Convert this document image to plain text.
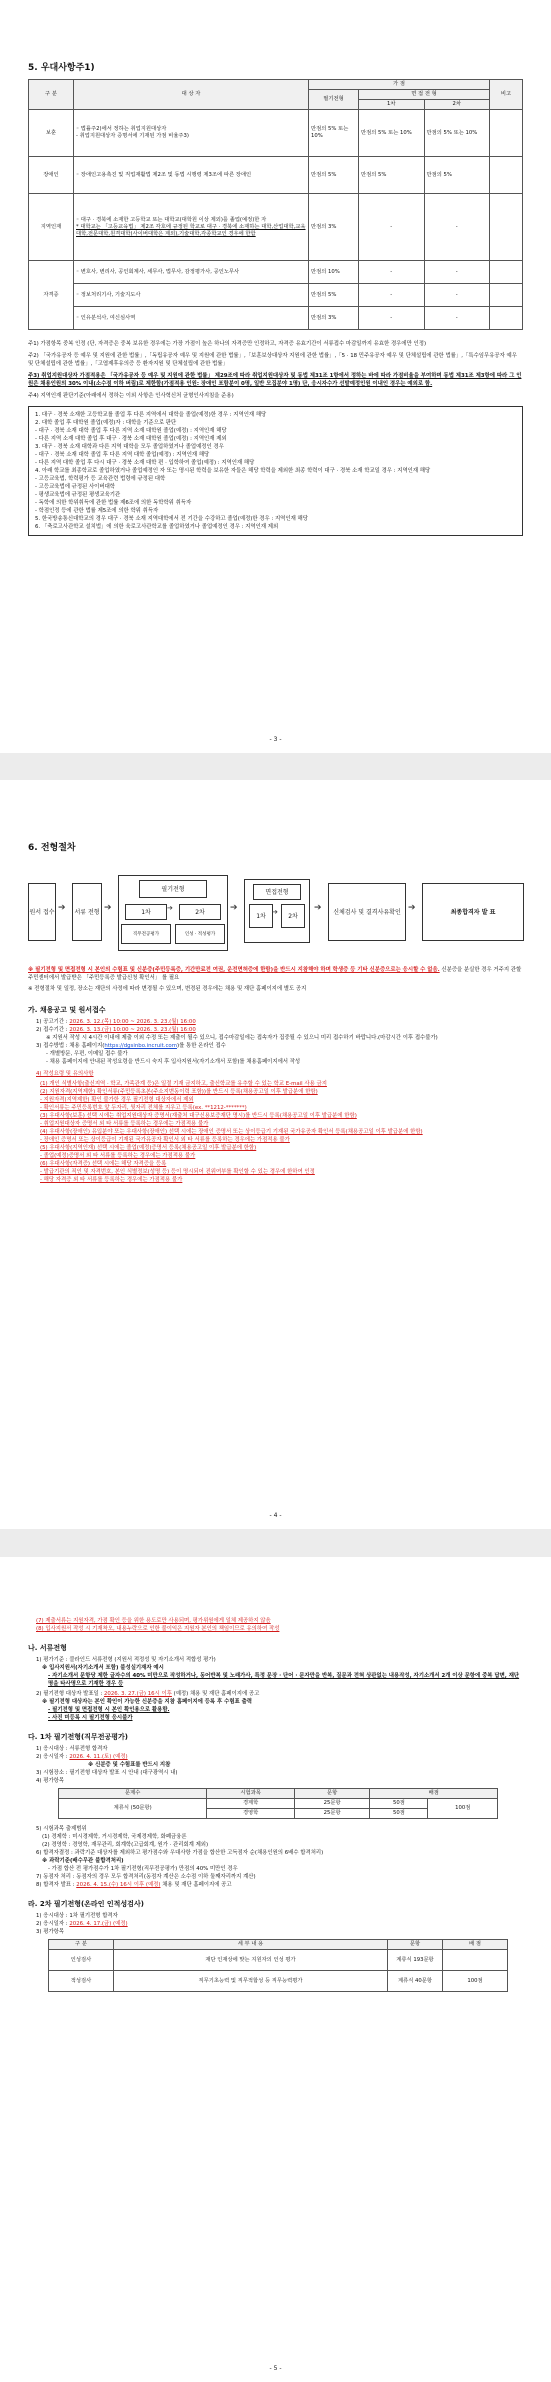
5. 우대사항주1)

구 분	대 상 자	가 점			비고
		필기전형	면 접 전 형		
			1차	2차	
보훈	◦ 법률주2)에서 정하는 취업지원대상자
- 취업지원대상자 증명서에 기재된 가점 비율주3)	만점의 5% 또는 10%	만점의 5% 또는 10%	만점의 5% 또는 10%	
장애인	◦ 장애인고용촉진 및 직업재활법 제2조 및 동법 시행령 제3조에 따른 장애인	만점의 5%	만점의 5%	만점의 5%	
지역인재	◦ 대구 · 경북에 소재한 고등학교 또는 대학교(대학원 이상 제외)를 졸업(예정)한 자
* 대학교는 「고등교육법」 제2조 각호에 규정된 학교로 대구 · 경북에 소재하는 대학,산업대학,교육대학,전문대학,원격대학(사이버대학은 제외),기술대학,각종학교인 경우에 한함	만점의 3%	-	-	
자격증	◦ 변호사, 변리사, 공인회계사, 세무사, 법무사, 감정평가사, 공인노무사	만점의 10%	-	-	
	◦ 정보처리기사, 기술지도사	만점의 5%	-	-	
	◦ 인유분석사, 여신심사역	만점의 3%	-	-	

주1) 가점항목 중복 인정 (단, 자격증은 중복 보유한 경우에는 가장 가점이 높은 하나의 자격증만 인정하고, 자격증 유효기간이 서류접수 마감일까지 유효한 경우에만 인정)

주2) 「국가유공자 등 예우 및 지원에 관한 법률」,「독립유공자 예우 및 지원에 관한 법률」,「보훈보상대상자 지원에 관한 법률」,「5 · 18 민주유공자 예우 및 단체설립에 관한 법률」,「특수임무유공자 예우 및 단체설립에 관한 법률」,「고엽제후유의증 등 환자지원 및 단체설립에 관한 법률」

주3) 취업지원대상자 가점적용은 「국가유공자 등 예우 및 지원에 관한 법률」 제29조에 따라 취업지원대상자 및 동법 제31조 1항에서 정하는 바에 따라 가점비율을 부여하며 동법 제31조 제3항에 따라 그 인원은 채용인원의 30% 이내(소수점 이하 버림)로 제한함(가점적용 인원: 장애인 포함분이 0명, 일반 모집분야 1명) 단, 응시자수가 선발예정인원 이내인 경우는 예외로 함.

주4) 지역인재 판단기준(아래에서 정하는 이외 사항은 인사혁신처 균형인사지침을 준용)

1. 대구 · 경북 소재한 고등학교를 졸업 후 다른 지역에서 대학을 졸업(예정)한 경우 : 지역인재 해당

2. 대학 졸업 후 대학원 졸업(예정)자 : 대학을 기준으로 판단

- 대구 · 경북 소재 대학 졸업 후 다른 지역 소재 대학원 졸업(예정) : 지역인재 해당

- 다른 지역 소재 대학 졸업 후 대구 · 경북 소재 대학원 졸업(예정) : 지역인재 제외

3. 대구 · 경북 소재 대학과 다른 지역 대학을 모두 졸업하였거나 졸업예정인 경우

- 대구 · 경북 소재 대학 졸업 후 다른 지역 대학 졸업(예정) : 지역인재 해당

- 다른 지역 대학 졸업 후 다시 대구 · 경북 소재 대학 편 · 입학하여 졸업(예정) : 지역인재 해당

4. 아래 학교를 최종학교로 졸업하였거나 졸업예정인 자 또는 명시된 학력을 보유한 자들은 해당 학력을 제외한 최종 학력이 대구 · 경북 소재 학교일 경우 : 지역인재 해당

- 고등교육법, 학력평가 등 교육관련 법령에 규정된 대학

- 고등교육법에 규정된 사이버대학

- 평생교육법에 규정된 평생교육기관

- 독학에 의한 학위취득에 관한 법률 제6조에 의한 독학학위 취득자

- 학점인정 등에 관한 법률 제5조에 의한 학위 취득자

5. 한국방송통신대학교의 경우 대구 · 경북 소재 지역대학에서 전 기간을 수강하고 졸업(예정)한 경우 : 지역인재 해당

6. 「축로고사관학교 설치법」에 의한 육로고사관학교를 졸업하였거나 졸업예정인 경우 : 지역인재 제외

- 3 -

6. 전형절차

원서 접수 ➔	서류 전형 ➔
필기전형
1차	➔	2차
직무전공평가	인성 · 적성평가
➔
면접전형
1차 ➔	2차
➔	신체검사 및 결격사유확인 ➔	최종합격자 발 표

※ 필기전형 및 면접전형 시 본인의 수험표 및 신분증(주민등록증, 기간만료전 여권, 운전면허증에 한함)을 반드시 지참해야 하며 학생증 등 기타 신분증으로는 응시할 수 없음. 신분증을 분실한 경우 거주지 관할 주민센터에서 발급받은 「주민등록증 발급신청 확인서」 를 필요

※ 전형절차 및 일정, 장소는 재단의 사정에 따라 변경될 수 있으며, 변경된 경우에는 채용 및 재단 홈페이지에 별도 공지

가. 채용공고 및 원서접수

1) 공고기간 : 2026. 3. 12.(목) 10:00 ~ 2026. 3. 23.(월) 16:00

2) 접수기간 : 2026. 3. 13.(금) 10:00 ~ 2026. 3. 23.(월) 16:00

※ 지원서 작성 시 4시간 이내에 제출 이외 수정 또는 제출이 될수 있으니, 접수마감일에는 접속자가 집중될 수 있으니 미리 접수하기 바랍니다.(마감시간 이후 접수불가)

3) 접수방법 : 채용 홈페이지(https://dgsinbo.incruit.com)를 통한 온라인 접수

- 개별방문, 우편, 이메일 접수 불가

- 채용 홈페이지에 안내된 작성요령을 반드시 숙지 후 입사지원서(자기소개서 포함)를 채용홈페이지에서 작성

4) 작성요령 및 유의사항

(1) 개인 식별사항(출신지역 · 학교, 가족관계 등)은 일절 기재 금지하고, 출신학교를 유추할 수 있는 학교 E-mail 사용 금지

(2) 지원자격(지역제한) 확인서류(주민등록초본(주소지변동이력 포함))를 반드시 등록(채용공고일 이후 발급분에 한함)

- 지원자격(지역제한) 확인 불가한 경우 필기전형 대상자에서 제외

- 확인서류는 주민등록번호 앞 두자리, 뒷자리 전체를 지우고 등록(ex. **1212-*******)

(3) 우대사항(보훈) 선택 시에는 취업지원대상자 증명서(재출처 대구신용보증재단 명시)를 반드시 등록(채용공고일 이후 발급분에 한함)

- 취업지원대상자 증명서 외 타 서류를 등록하는 경우에는 가점적용 불가

(4) 우대사항(장애인) 유입분야 또는 우대사항(장애인) 선택 시에는 장애인 증명서 또는 상이등급기 기재된 국가유공자 확인서 등록(채용공고일 이후 발급분에 한함)

- 장애인 증명서 또는 상이등급이 기재된 국가유공자 확인서 외 타 서류를 등록하는 경우에는 가점적용 불가

(5) 우대사항(지역인재) 선택 시에는 졸업(예정)증명서 등록(채용공고일 이후 발급분에 한함)

- 졸업(예정)증명서 외 타 서류를 등록하는 경우에는 가점적용 불가

(6) 우대사항(자격증) 선택 시에는 해당 자격증을 등록

- 발급기관의 직인 및 자격번호, 본인 식별정보(성명 등) 등이 명시되어 진위여부를 확인할 수 있는 경우에 한하여 인정

- 해당 자격증 외 타 서류를 등록하는 경우에는 가점적용 불가

- 4 -

(7) 제출서류는 지원자격, 가점 확인 등을 위한 용도로만 사용되며, 평가위원에게 일체 제공하지 않음

(8) 입사지원서 작성 시 기재착오, 내용누락으로 인한 불이익은 지원자 본인의 책임이므로 유의하여 작성

나. 서류전형

1) 평가기준 : 블라인드 서류전형 (지원서 적정성 및 자기소개서 적합성 평가)

※ 입사지원서(자기소개서 포함) 불성실기재자 예시

- 자기소개서 문항당 제한 글자수의 40% 미만으로 작성하거나, 동어반복 및 노래가사, 특정 문장 · 단어 · 문자만을 반복, 질문과 전혀 상관없는 내용작성, 자기소개서 2개 이상 문항에 중복 답변, 재단명을 타사명으로 기재한 경우 등

2) 필기전형 대상자 발표일 : 2026. 3. 27.(금) 16시 이후 (예정) 채용 및 재단 홈페이지에 공고

※ 필기전형 대상자는 본인 확인이 가능한 신분증을 지참 홈페이지에 등록 후 수험표 출력

- 필기전형 및 면접전형 시 본인 확인용으로 활용함.

- 사진 미등록 시 필기전형 응시불가

다. 1차 필기전형(직무전공평가)

1) 응시대상 : 서류전형 합격자

2) 응시일자 : 2026. 4. 11.(토) (예정)

※ 신분증 및 수험표를 반드시 지참

3) 시험장소 : 필기전형 대상자 발표 시 안내 (대구광역시 내)

4) 평가항목

문제수	시험과목	문항	배점	
계류식 (50문항)	경제학	25문항	50점	100점
	경영학	25문항	50점	

5) 시험과목 출제범위

(1) 경제학 : 미시경제학, 거시경제학, 국제경제학, 화폐금융론

(2) 경영학 : 경영학, 재무관리, 회계학(고급회계, 원가 · 관리회계 제외)

6) 합격자결정 : 과락기준 대상자를 제외하고 평가점수와 우대사항 가점을 합산한 고득점자 순(채용인원의 6배수 합격처리)

※ 과락기준(배수무관 불합격처리)

- 가점 합산 전 평가점수가 1차 필기전형(직무전공평가) 만점의 40% 미만인 경우

7) 동점자 처리 : 동점자의 경우 모두 합격처리(동점자 계산은 소수점 이하 둘째자리까지 계산)

8) 합격자 발표 : 2026. 4. 15.(수) 16시 이후 (예정) 채용 및 재단 홈페이지에 공고

라. 2차 필기전형(온라인 인적성검사)

1) 응시대상 : 1차 필기전형 합격자

2) 응시일자 : 2026. 4. 17.(금) (예정)

3) 평가항목

구 분	세 부 내 용	문항	배 점
인성검사	재단 인재상에 맞는 지원자의 인성 평가	계류식 193문항	
적성검사	직무기초능력 및 직무적합성 등 직무능력평가	계류식 40문항	100점
- 5 -
